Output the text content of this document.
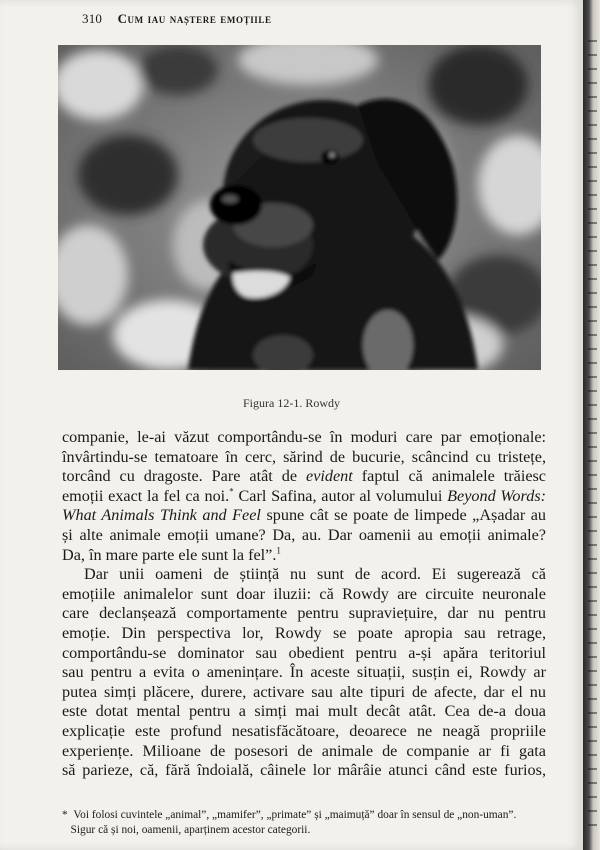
310 Cum iau naștere emoțiile
Figura 12-1. Rowdy
companie, le-ai văzut comportându-se în moduri care par emoționale:
învârtindu-se tematoare în cerc, sărind de bucurie, scâncind cu tristețe,
torcând cu dragoste. Pare atât de evident faptul că animalele trăiesc
emoții exact la fel ca noi.* Carl Safina, autor al volumului Beyond Words:
What Animals Think and Feel spune cât se poate de limpede „Așadar au
și alte animale emoții umane? Da, au. Dar oamenii au emoții animale?
Da, în mare parte ele sunt la fel”.$^1$
Dar unii oameni de știință nu sunt de acord. Ei sugerează că
emoțiile animalelor sunt doar iluzii: că Rowdy are circuite neuronale
care declanșează comportamente pentru supraviețuire, dar nu pentru
emoție. Din perspectiva lor, Rowdy se poate apropia sau retrage,
comportându-se dominator sau obedient pentru a-și apăra teritoriul
sau pentru a evita o amenințare. În aceste situații, susțin ei, Rowdy ar
putea simți plăcere, durere, activare sau alte tipuri de afecte, dar el nu
este dotat mental pentru a simți mai mult decât atât. Cea de-a doua
explicație este profund nesatisfăcătoare, deoarece ne neagă propriile
experiențe. Milioane de posesori de animale de companie ar fi gata
să parieze, că, fără îndoială, câinele lor mârâie atunci când este furios,
* Voi folosi cuvintele „animal”, „mamifer”, „primate” și „maimuță” doar în sensul de „non-uman”.
Sigur că și noi, oamenii, aparținem acestor categorii.
